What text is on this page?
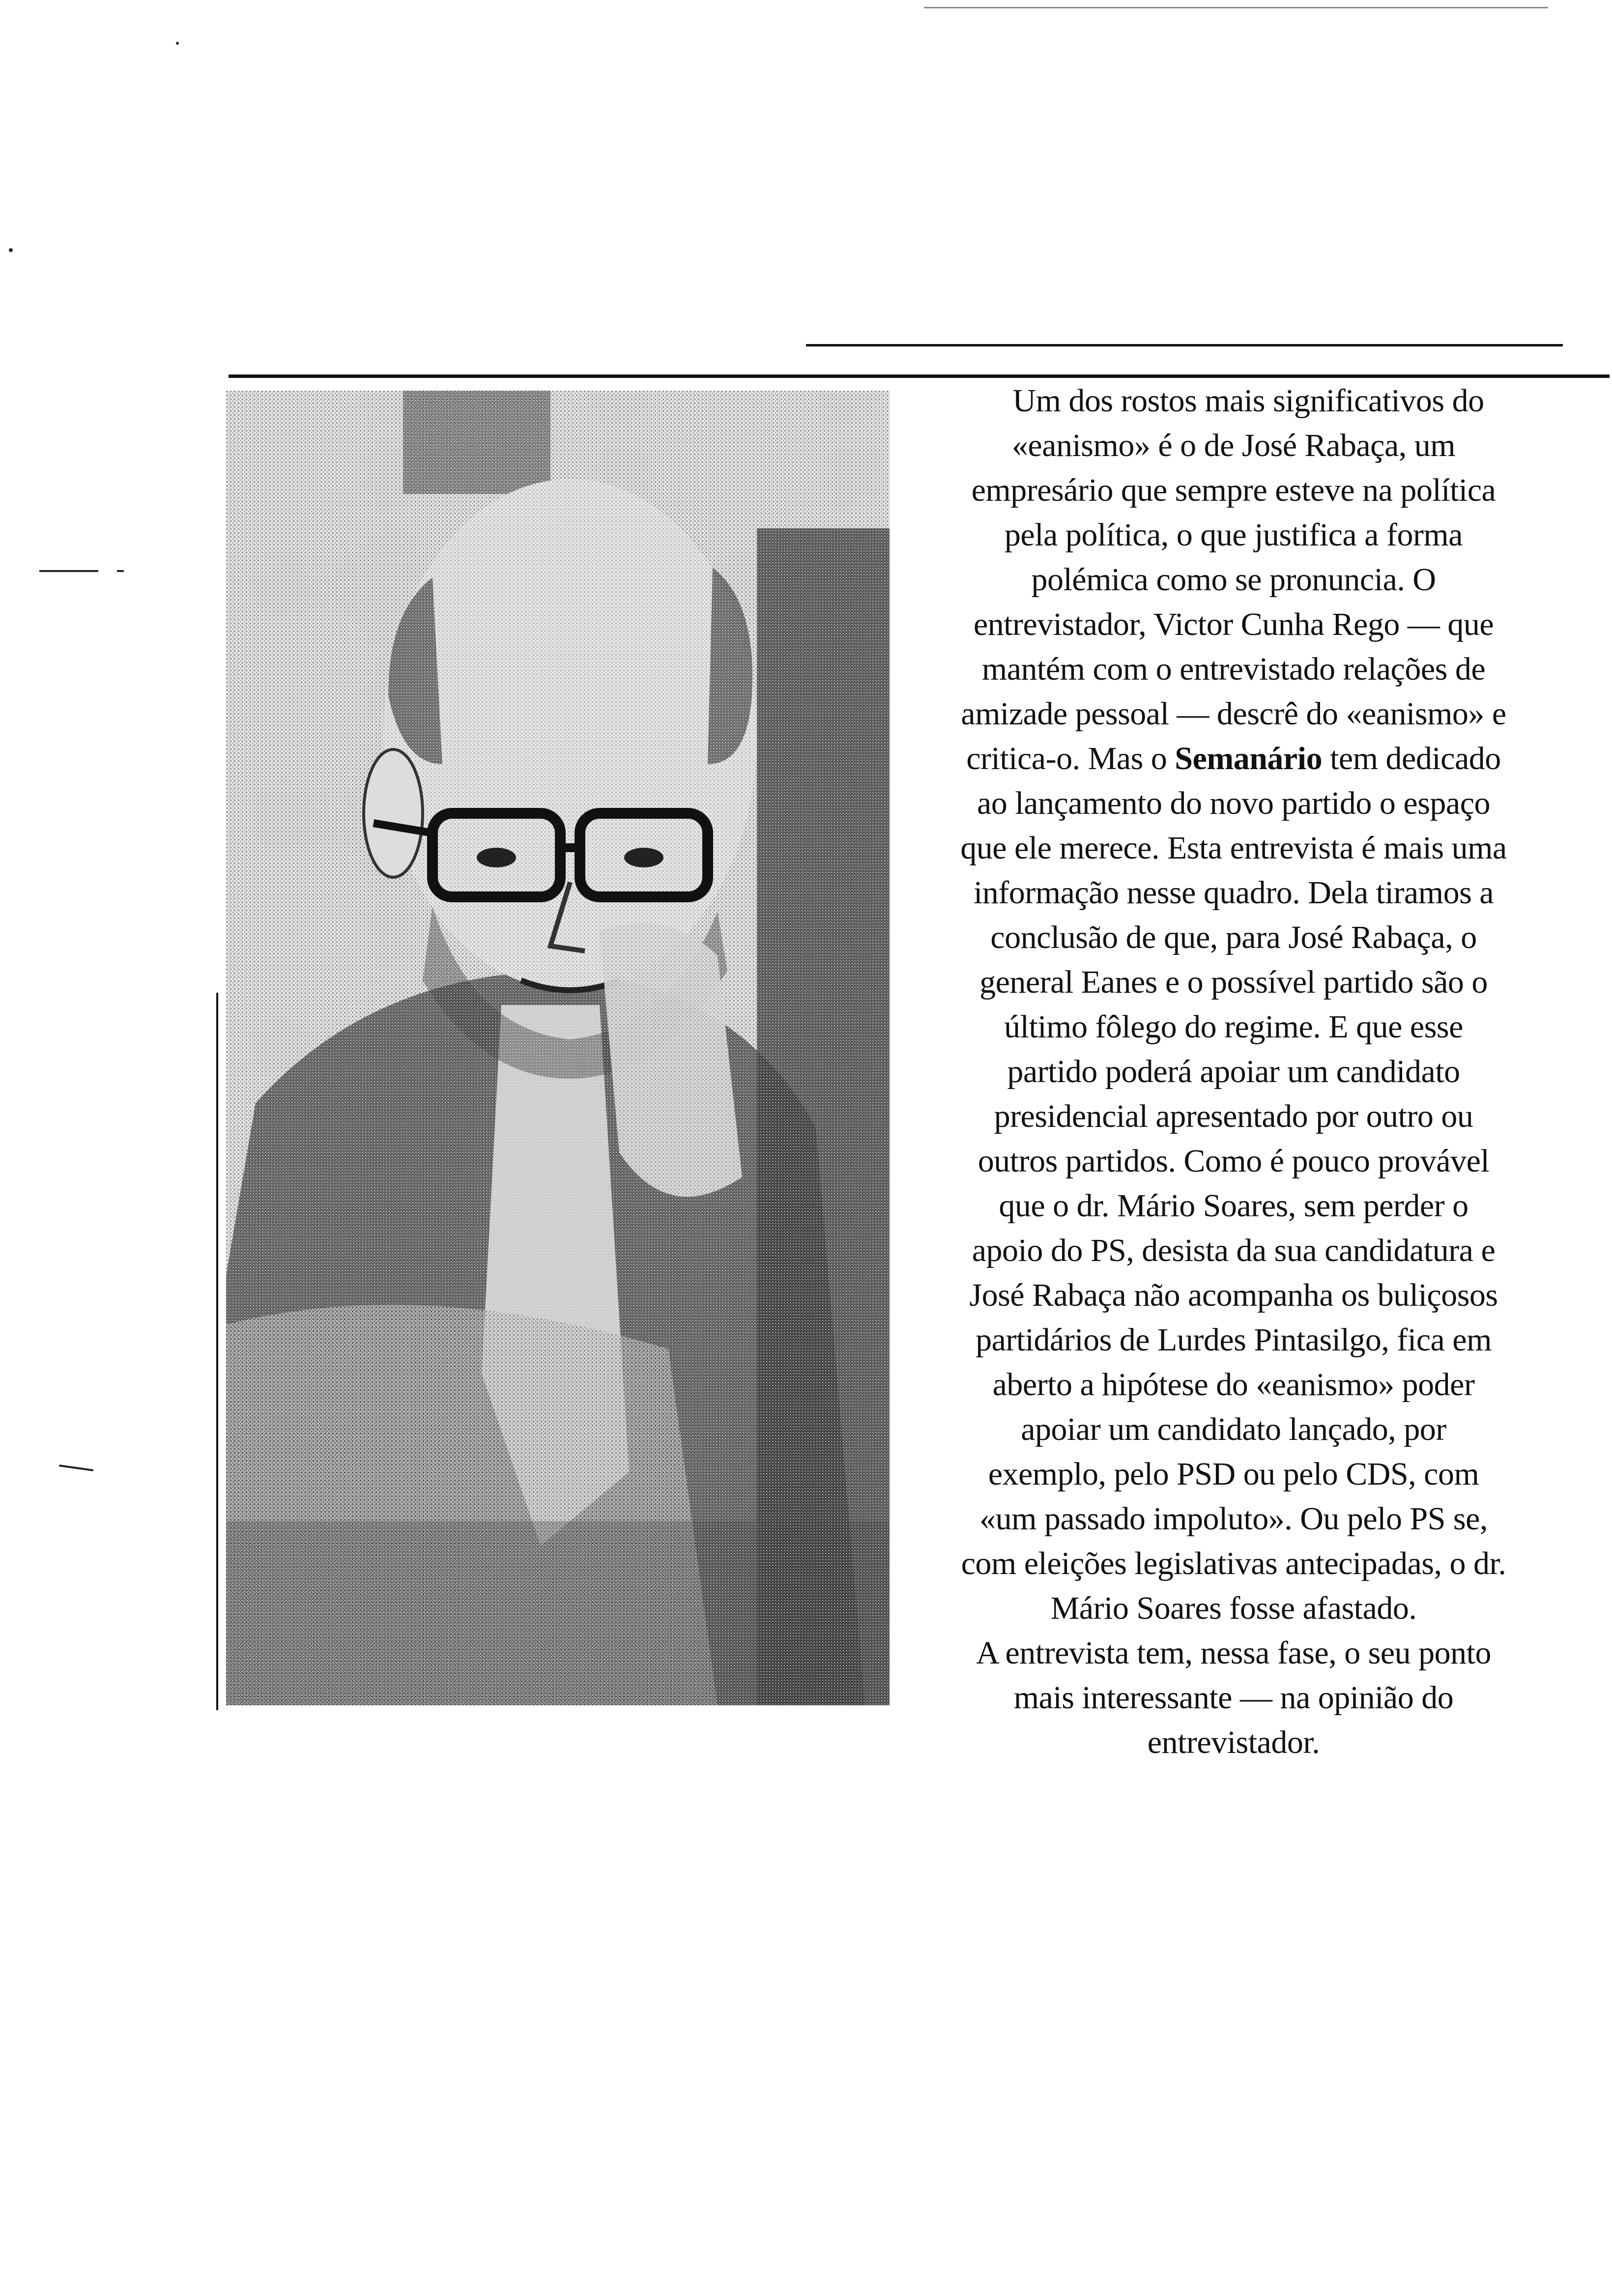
Um dos rostos mais significativos do
«eanismo» é o de José Rabaça, um
empresário que sempre esteve na política
pela política, o que justifica a forma
polémica como se pronuncia. O
entrevistador, Victor Cunha Rego — que
mantém com o entrevistado relações de
amizade pessoal — descrê do «eanismo» e
critica-o. Mas o Semanário tem dedicado
ao lançamento do novo partido o espaço
que ele merece. Esta entrevista é mais uma
informação nesse quadro. Dela tiramos a
conclusão de que, para José Rabaça, o
general Eanes e o possível partido são o
último fôlego do regime. E que esse
partido poderá apoiar um candidato
presidencial apresentado por outro ou
outros partidos. Como é pouco provável
que o dr. Mário Soares, sem perder o
apoio do PS, desista da sua candidatura e
José Rabaça não acompanha os buliçosos
partidários de Lurdes Pintasilgo, fica em
aberto a hipótese do «eanismo» poder
apoiar um candidato lançado, por
exemplo, pelo PSD ou pelo CDS, com
«um passado impoluto». Ou pelo PS se,
com eleições legislativas antecipadas, o dr.
Mário Soares fosse afastado.
A entrevista tem, nessa fase, o seu ponto
mais interessante — na opinião do
entrevistador.
